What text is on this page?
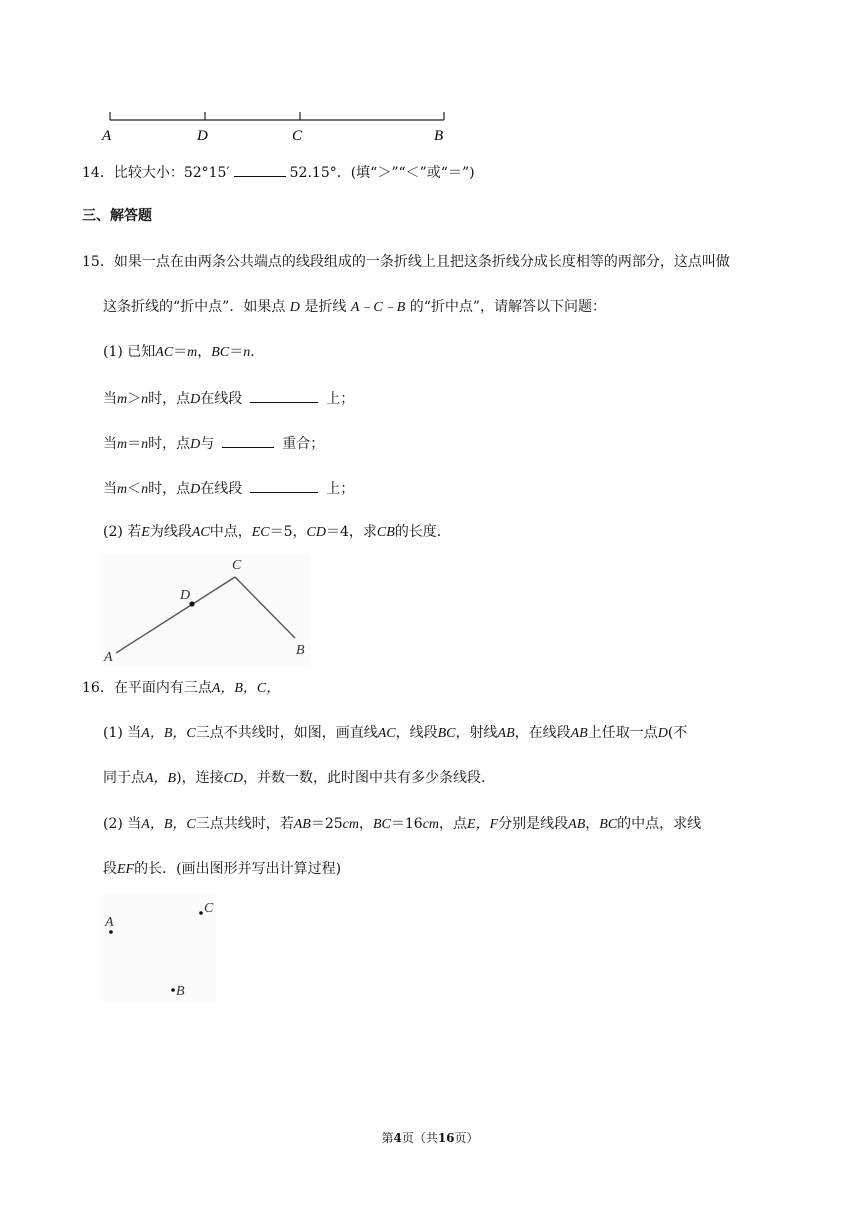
A	D	C	B
14．比较大小：52°15′	52.15°．(填“＞”“＜”或“＝”)
三、解答题
15．如果一点在由两条公共端点的线段组成的一条折线上且把这条折线分成长度相等的两部分，这点叫做
这条折线的“折中点”．如果点 D 是折线 A﹣C﹣B 的“折中点”，请解答以下问题：
(1) 已知AC＝m，BC＝n.
当m＞n时，点D在线段	上；
当m＝n时，点D与	重合；
当m＜n时，点D在线段	上；
(2) 若E为线段AC中点，EC＝5，CD＝4，求CB的长度．
A
D
C
B
16．在平面内有三点A，B，C，
(1) 当A，B，C三点不共线时，如图，画直线AC，线段BC，射线AB，在线段AB上任取一点D(不
同于点A，B)，连接CD，并数一数，此时图中共有多少条线段．
(2) 当A，B，C三点共线时，若AB＝25cm，BC＝16cm，点E，F分别是线段AB，BC的中点，求线
段EF的长．(画出图形并写出计算过程)
A
C
B
第4页（共16页）
